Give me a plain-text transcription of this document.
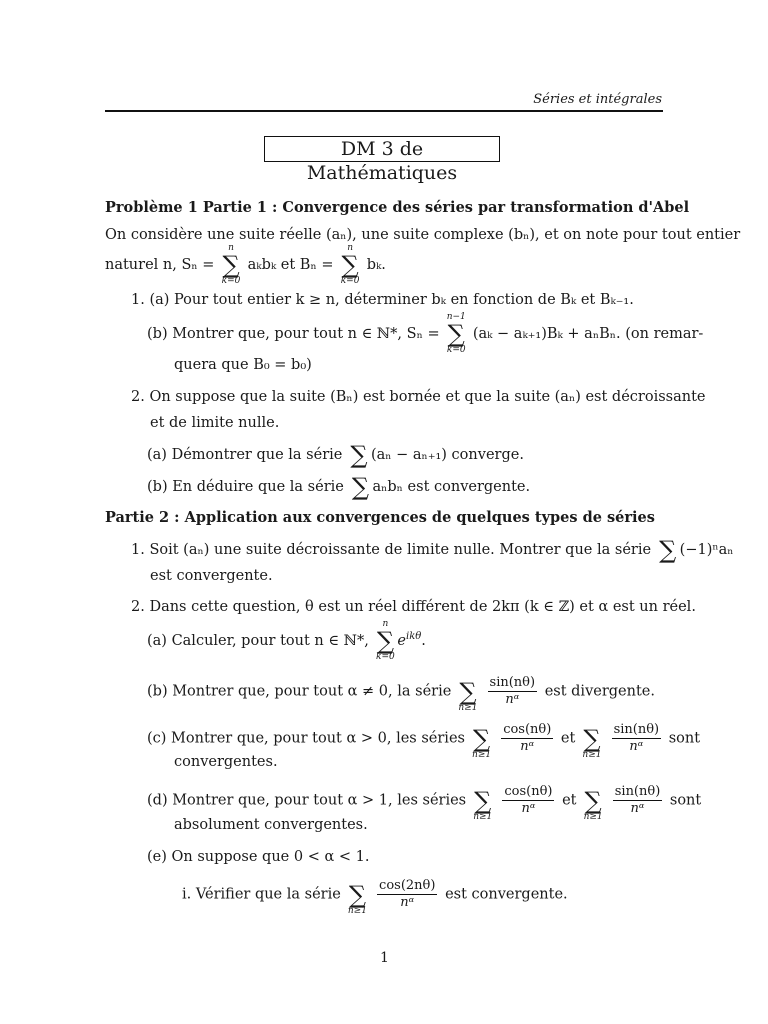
Séries et intégrales
DM 3 de Mathématiques
Problème 1 Partie 1 : Convergence des séries par transformation d'Abel
On considère une suite réelle (aₙ), une suite complexe (bₙ), et on note pour tout entier
naturel n, Sₙ =
n
∑
k=0
aₖbₖ et Bₙ =
n
∑
k=0
bₖ.
1. (a) Pour tout entier k ≥ n, déterminer bₖ en fonction de Bₖ et Bₖ₋₁.
(b) Montrer que, pour tout n ∈ ℕ*, Sₙ =
n−1
∑
k=0
(aₖ − aₖ₊₁)Bₖ + aₙBₙ. (on remar-
quera que B₀ = b₀)
2. On suppose que la suite (Bₙ) est bornée et que la suite (aₙ) est décroissante
et de limite nulle.
(a) Démontrer que la série ∑ (aₙ − aₙ₊₁) converge.
(b) En déduire que la série ∑ aₙbₙ est convergente.
Partie 2 : Application aux convergences de quelques types de séries
1. Soit (aₙ) une suite décroissante de limite nulle. Montrer que la série ∑ (−1)ⁿaₙ
est convergente.
2. Dans cette question, θ est un réel différent de 2kπ (k ∈ ℤ) et α est un réel.
(a) Calculer, pour tout n ∈ ℕ*,
n
∑
k=0
$e^{ik\theta}$.
(b) Montrer que, pour tout α ≠ 0, la série ∑
n≥1
$\frac{\sin(n\theta)}{\text{nᵅ}}$ est divergente.
(c) Montrer que, pour tout α > 0, les séries ∑
n≥1
$\frac{\cos(n\theta)}{\text{nᵅ}}$ et ∑
n≥1
$\frac{\sin(n\theta)}{\text{nᵅ}}$ sont
convergentes.
(d) Montrer que, pour tout α > 1, les séries ∑
n≥1
$\frac{\cos(n\theta)}{\text{nᵅ}}$ et ∑
n≥1
$\frac{\sin(n\theta)}{\text{nᵅ}}$ sont
absolument convergentes.
(e) On suppose que 0 < α < 1.
i. Vérifier que la série ∑
n≥1
$\frac{\cos(2n\theta)}{\text{nᵅ}}$ est convergente.
1
